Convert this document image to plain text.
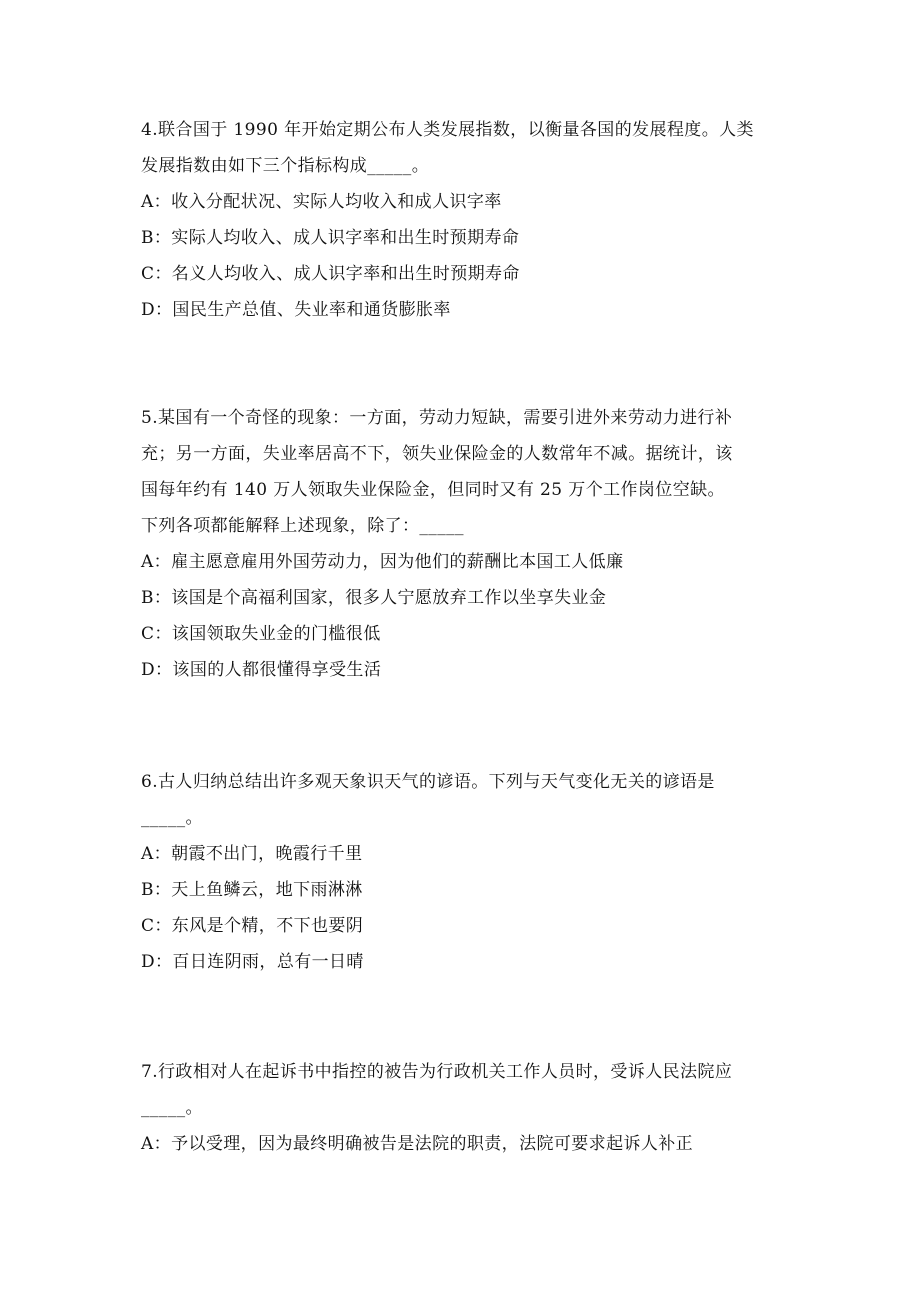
4.联合国于 1990 年开始定期公布人类发展指数，以衡量各国的发展程度。人类
发展指数由如下三个指标构成_____。
A：收入分配状况、实际人均收入和成人识字率
B：实际人均收入、成人识字率和出生时预期寿命
C：名义人均收入、成人识字率和出生时预期寿命
D：国民生产总值、失业率和通货膨胀率
5.某国有一个奇怪的现象：一方面，劳动力短缺，需要引进外来劳动力进行补
充；另一方面，失业率居高不下，领失业保险金的人数常年不减。据统计，该
国每年约有 140 万人领取失业保险金，但同时又有 25 万个工作岗位空缺。
下列各项都能解释上述现象，除了：_____
A：雇主愿意雇用外国劳动力，因为他们的薪酬比本国工人低廉
B：该国是个高福利国家，很多人宁愿放弃工作以坐享失业金
C：该国领取失业金的门槛很低
D：该国的人都很懂得享受生活
6.古人归纳总结出许多观天象识天气的谚语。下列与天气变化无关的谚语是
_____。
A：朝霞不出门，晚霞行千里
B：天上鱼鳞云，地下雨淋淋
C：东风是个精，不下也要阴
D：百日连阴雨，总有一日晴
7.行政相对人在起诉书中指控的被告为行政机关工作人员时，受诉人民法院应
_____。
A：予以受理，因为最终明确被告是法院的职责，法院可要求起诉人补正
